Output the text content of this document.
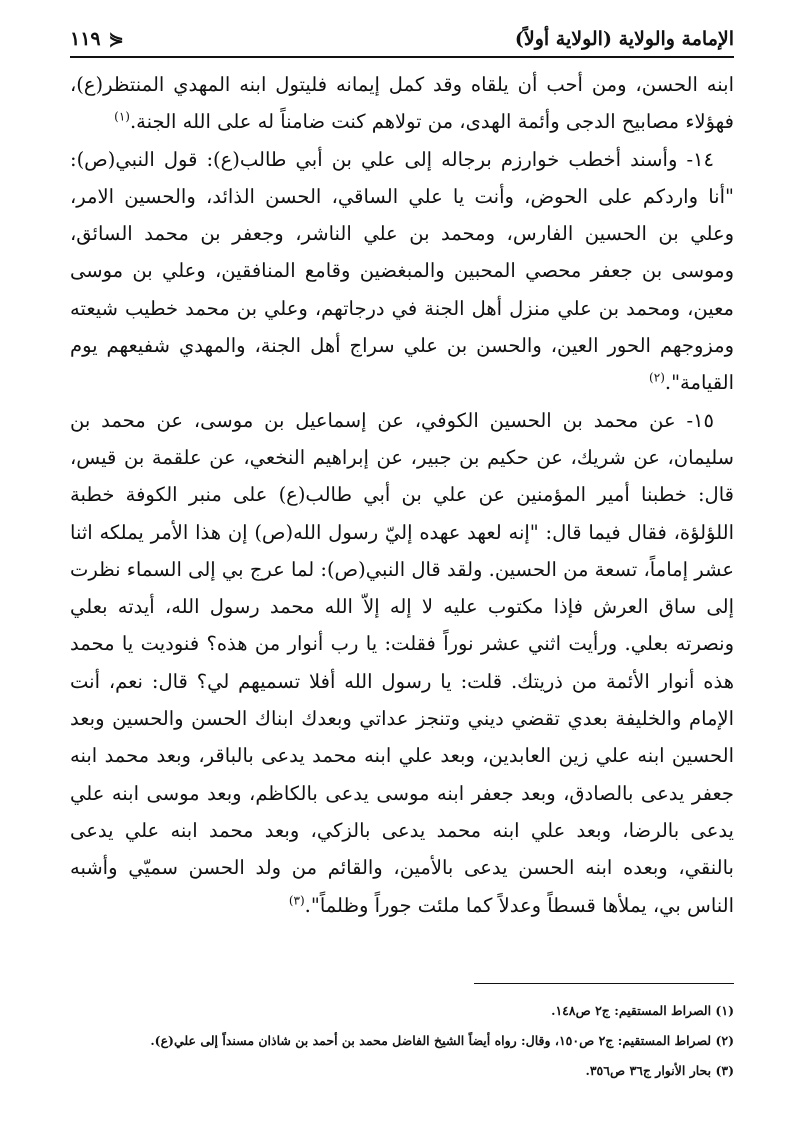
الإمامة والولاية (الولاية أولاً)
⋞
١١٩

ابنه الحسن، ومن أحب أن يلقاه وقد كمل إيمانه فليتول ابنه المهدي المنتظر(ع)، فهؤلاء مصابيح الدجى وأئمة الهدى، من تولاهم كنت ضامناً له على الله الجنة.$^{(١)}$

١٤- وأسند أخطب خوارزم برجاله إلى علي بن أبي طالب(ع): قول النبي(ص): "أنا واردكم على الحوض، وأنت يا علي الساقي، الحسن الذائد، والحسين الامر، وعلي بن الحسين الفارس، ومحمد بن علي الناشر، وجعفر بن محمد السائق، وموسى بن جعفر محصي المحبين والمبغضين وقامع المنافقين، وعلي بن موسى معين، ومحمد بن علي منزل أهل الجنة في درجاتهم، وعلي بن محمد خطيب شيعته ومزوجهم الحور العين، والحسن بن علي سراج أهل الجنة، والمهدي شفيعهم يوم القيامة".$^{(٢)}$

١٥- عن محمد بن الحسين الكوفي، عن إسماعيل بن موسى، عن محمد بن سليمان، عن شريك، عن حكيم بن جبير، عن إبراهيم النخعي، عن علقمة بن قيس، قال: خطبنا أمير المؤمنين عن علي بن أبي طالب(ع) على منبر الكوفة خطبة اللؤلؤة، فقال فيما قال: "إنه لعهد عهده إليّ رسول الله(ص) إن هذا الأمر يملكه اثنا عشر إماماً، تسعة من الحسين. ولقد قال النبي(ص): لما عرج بي إلى السماء نظرت إلى ساق العرش فإذا مكتوب عليه لا إله إلاّ الله محمد رسول الله، أيدته بعلي ونصرته بعلي. ورأيت اثني عشر نوراً فقلت: يا رب أنوار من هذه؟ فنوديت يا محمد هذه أنوار الأئمة من ذريتك. قلت: يا رسول الله أفلا تسميهم لي؟ قال: نعم، أنت الإمام والخليفة بعدي تقضي ديني وتنجز عداتي وبعدك ابناك الحسن والحسين وبعد الحسين ابنه علي زين العابدين، وبعد علي ابنه محمد يدعى بالباقر، وبعد محمد ابنه جعفر يدعى بالصادق، وبعد جعفر ابنه موسى يدعى بالكاظم، وبعد موسى ابنه علي يدعى بالرضا، وبعد علي ابنه محمد يدعى بالزكي، وبعد محمد ابنه علي يدعى بالنقي، وبعده ابنه الحسن يدعى بالأمين، والقائم من ولد الحسن سميّي وأشبه الناس بي، يملأها قسطاً وعدلاً كما ملئت جوراً وظلماً".$^{(٣)}$

(١) الصراط المستقيم: ج٢ ص١٤٨.

(٢) لصراط المستقيم: ج٢ ص١٥٠، وقال: رواه أيضاً الشيخ الفاضل محمد بن أحمد بن شاذان مسنداً إلى علي(ع).

(٣) بحار الأنوار ج٣٦ ص٣٥٦.
